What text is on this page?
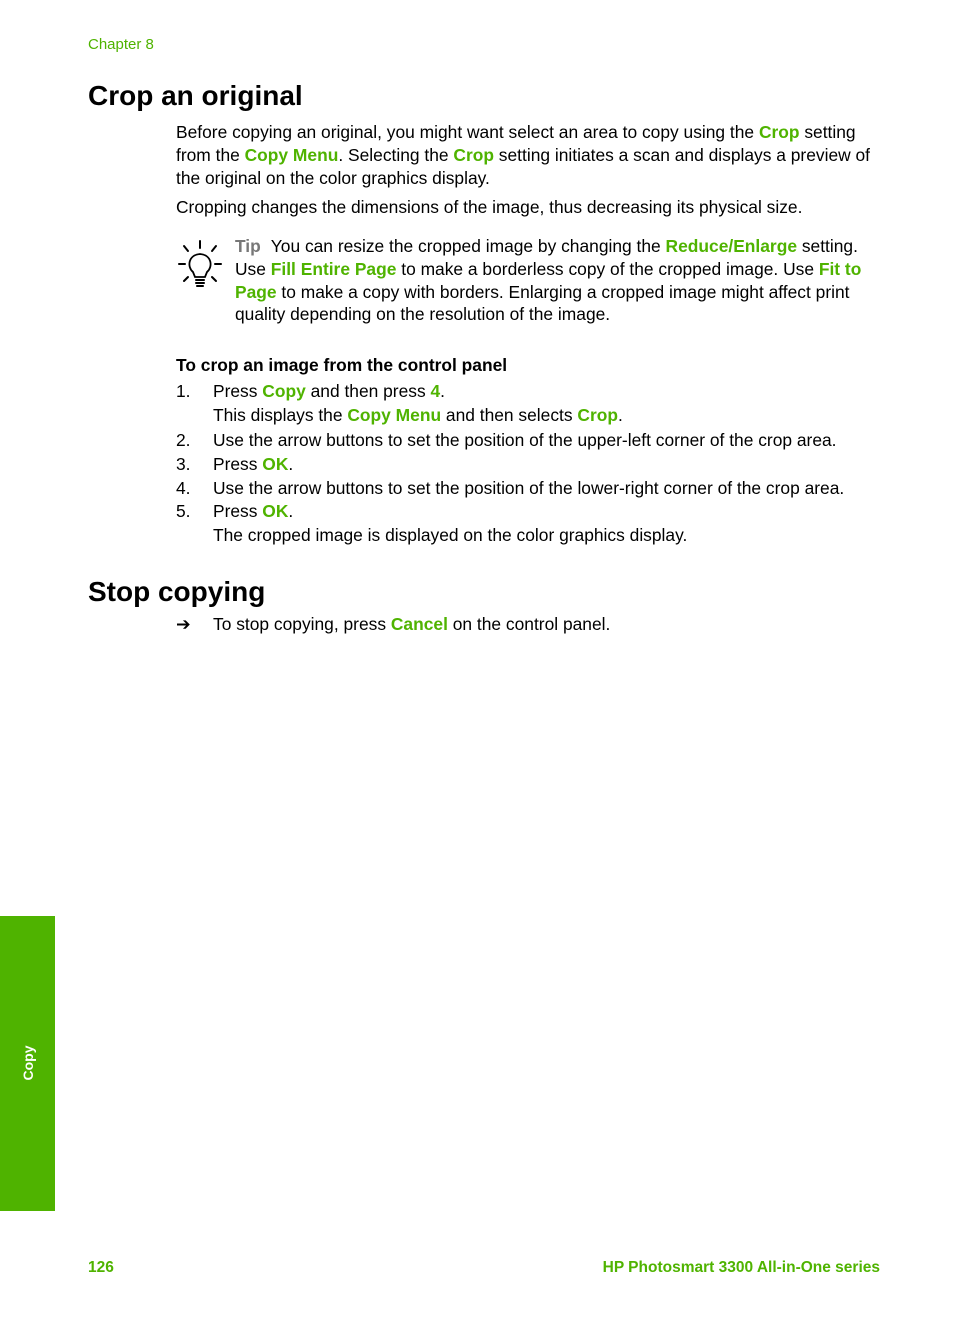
Chapter 8
Crop an original

Before copying an original, you might want select an area to copy using the Crop setting from the Copy Menu. Selecting the Crop setting initiates a scan and displays a preview of the original on the color graphics display.

Cropping changes the dimensions of the image, thus decreasing its physical size.

Tip You can resize the cropped image by changing the Reduce/Enlarge setting. Use Fill Entire Page to make a borderless copy of the cropped image. Use Fit to Page to make a copy with borders. Enlarging a cropped image might affect print quality depending on the resolution of the image.

To crop an image from the control panel
1. Press Copy and then press 4.

This displays the Copy Menu and then selects Crop.

2. Use the arrow buttons to set the position of the upper-left corner of the crop area.

3. Press OK.

4. Use the arrow buttons to set the position of the lower-right corner of the crop area.

5. Press OK.

The cropped image is displayed on the color graphics display.

Stop copying
➔ To stop copying, press Cancel on the control panel.

Copy
126	HP Photosmart 3300 All-in-One series
